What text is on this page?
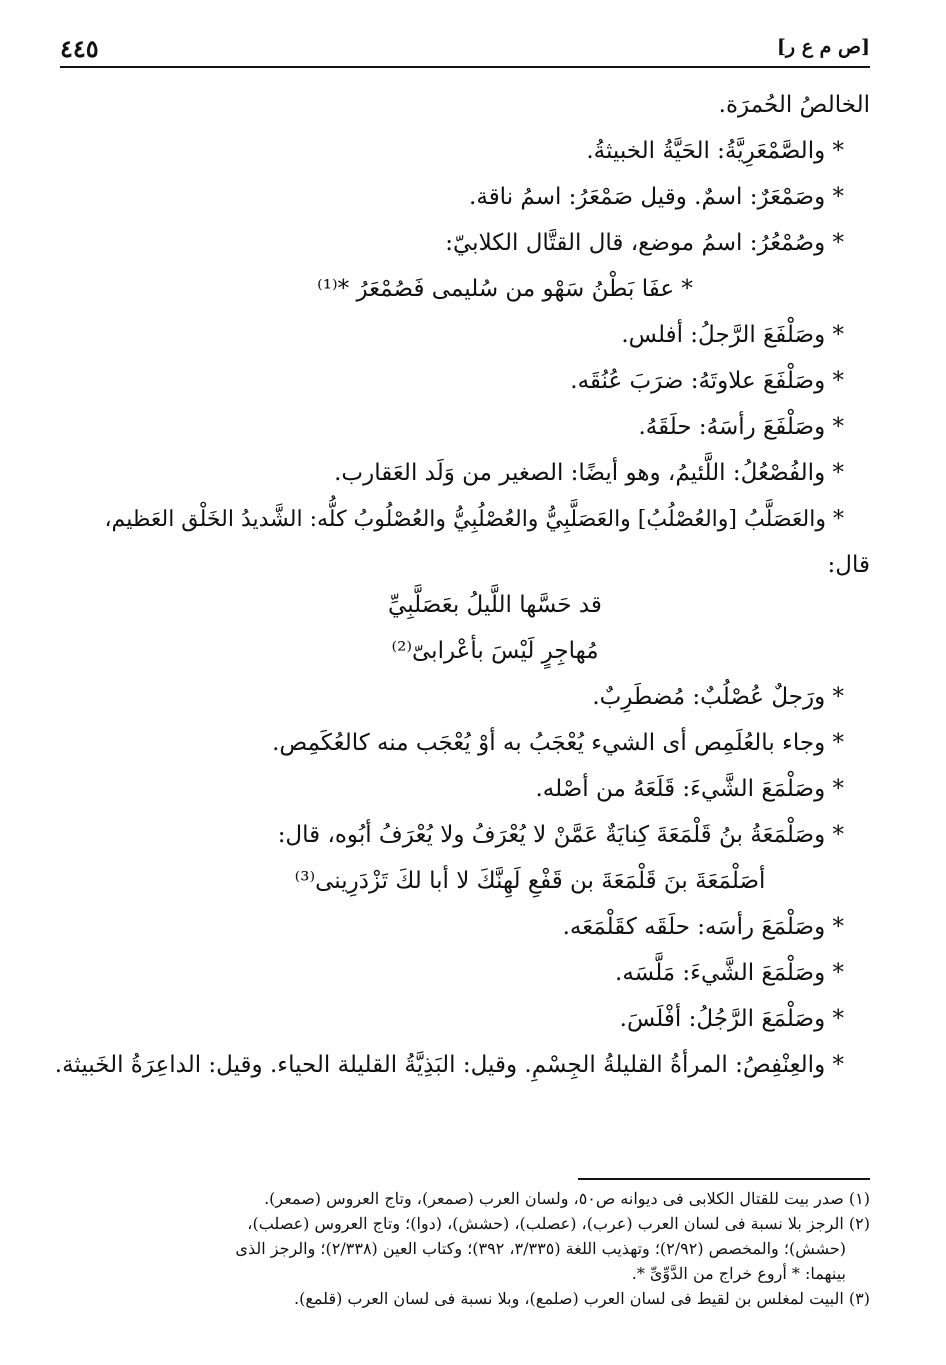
٤٤٥	[ص م ع ر]
الخالصُ الحُمرَة.
* والصَّمْعَرِيَّةُ: الحَيَّةُ الخبيثةُ.
* وصَمْعَرٌ: اسمٌ. وقيل صَمْعَرُ: اسمُ ناقة.
* وصُمْعُرُ: اسمُ موضع، قال القتَّال الكلابيّ:
* عفَا بَطْنُ سَهْو من سُليمى فَصُمْعَرُ *⁽¹⁾
* وصَلْفَعَ الرَّجلُ: أفلس.
* وصَلْفَعَ علاوتَهُ: ضرَبَ عُنُقَه.
* وصَلْفَعَ رأسَهُ: حلَقَهُ.
* والفُصْعُلُ: اللَّئيمُ، وهو أيضًا: الصغير من وَلَد العَقارب.
* والعَصَلَّبُ [والعُصْلُبُ] والعَصَلَّبِيُّ والعُصْلُبِيُّ والعُصْلُوبُ كلُّه: الشَّديدُ الخَلْق العَظيم،
قال:
قد حَسَّها اللَّيلُ بعَصَلَّبِيِّ
مُهاجِرٍ لَيْسَ بأعْرابىّ⁽²⁾
* ورَجلٌ عُصْلُبٌ: مُضطَرِبٌ.
* وجاء بالعُلَمِص أى الشيء يُعْجَبُ به أوْ يُعْجَب منه كالعُكَمِص.
* وصَلْمَعَ الشَّيءَ: قَلَعَهُ من أصْله.
* وصَلْمَعَةُ بنُ قَلْمَعَةَ كِنايَةٌ عَمَّنْ لا يُعْرَفُ ولا يُعْرَفُ أبُوه، قال:
أصَلْمَعَةَ بنَ قَلْمَعَةَ بن قَفْعِ لَهِنَّكَ لا أبا لكَ تَزْدَرِينى⁽³⁾
* وصَلْمَعَ رأسَه: حلَقَه كقَلْمَعَه.
* وصَلْمَعَ الشَّيءَ: مَلَّسَه.
* وصَلْمَعَ الرَّجُلُ: أفْلَسَ.
* والعِنْفِصُ: المرأةُ القليلةُ الجِسْمِ. وقيل: البَذِيَّةُ القليلة الحياء. وقيل: الداعِرَةُ الخَبيثة.
(١) صدر بيت للقتال الكلابى فى ديوانه ص٥٠، ولسان العرب (صمعر)، وتاج العروس (صمعر).
(٢) الرجز بلا نسبة فى لسان العرب (عرب)، (عصلب)، (حشش)، (دوا)؛ وتاج العروس (عصلب)،
(حشش)؛ والمخصص (٢/٩٢)؛ وتهذيب اللغة (٣/٣٣٥، ٣٩٢)؛ وكتاب العين (٢/٣٣٨)؛ والرجز الذى
بينهما: * أروع خراج من الدَّوِّىِّ *.
(٣) البيت لمغلس بن لقيط فى لسان العرب (صلمع)، وبلا نسبة فى لسان العرب (قلمع).
